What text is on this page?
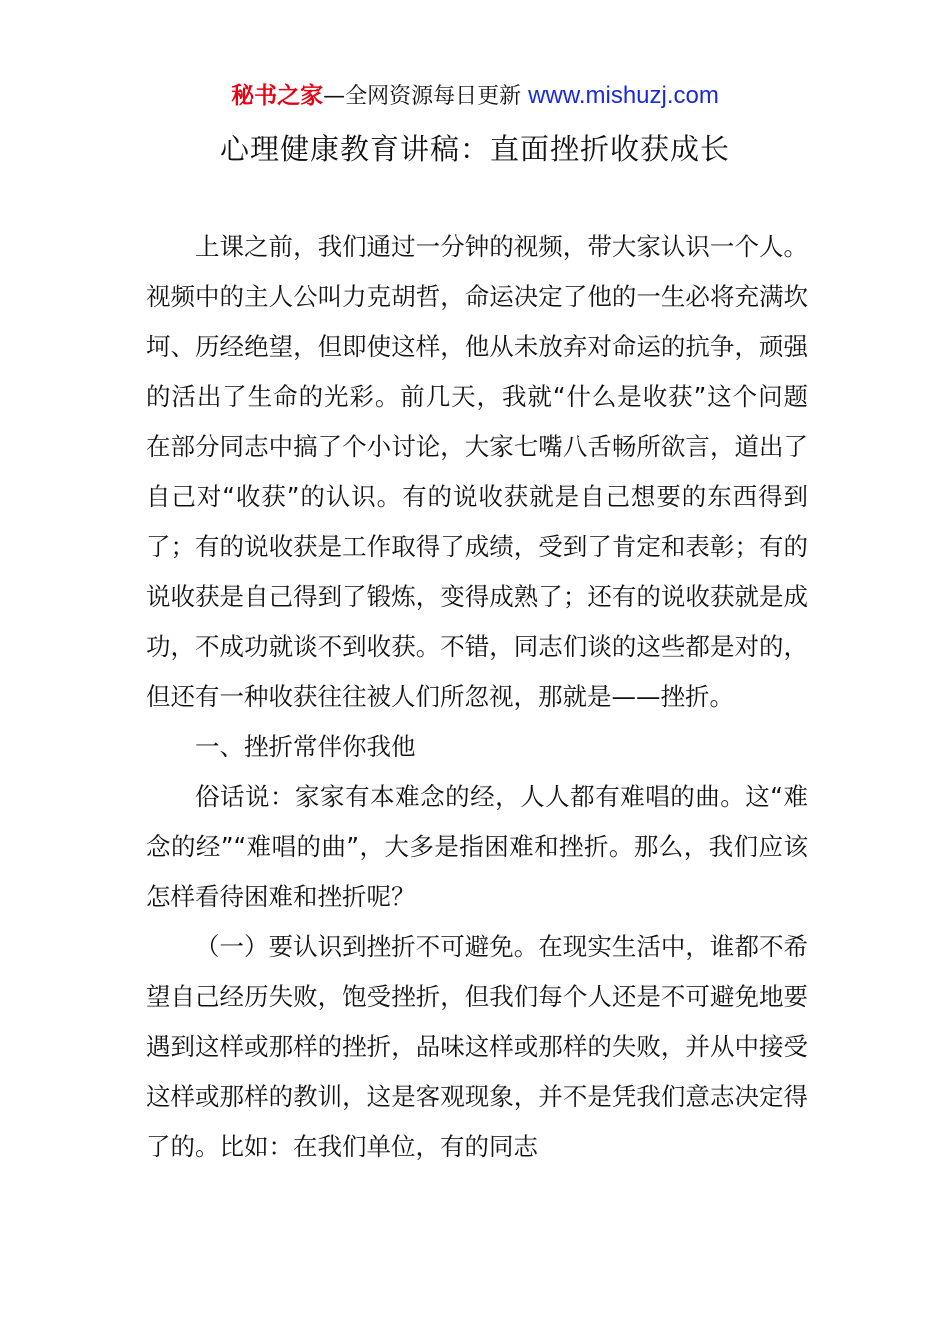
秘书之家—全网资源每日更新 www.mishuzj.com
心理健康教育讲稿：直面挫折收获成长

上课之前，我们通过一分钟的视频，带大家认识一个人。视频中的主人公叫力克胡哲，命运决定了他的一生必将充满坎坷、历经绝望，但即使这样，他从未放弃对命运的抗争，顽强的活出了生命的光彩。前几天，我就“什么是收获”这个问题在部分同志中搞了个小讨论，大家七嘴八舌畅所欲言，道出了自己对“收获”的认识。有的说收获就是自己想要的东西得到了；有的说收获是工作取得了成绩，受到了肯定和表彰；有的说收获是自己得到了锻炼，变得成熟了；还有的说收获就是成功，不成功就谈不到收获。不错，同志们谈的这些都是对的，但还有一种收获往往被人们所忽视，那就是——挫折。

一、挫折常伴你我他

俗话说：家家有本难念的经，人人都有难唱的曲。这“难念的经”“难唱的曲”，大多是指困难和挫折。那么，我们应该怎样看待困难和挫折呢？

（一）要认识到挫折不可避免。在现实生活中，谁都不希望自己经历失败，饱受挫折，但我们每个人还是不可避免地要遇到这样或那样的挫折，品味这样或那样的失败，并从中接受这样或那样的教训，这是客观现象，并不是凭我们意志决定得了的。比如：在我们单位，有的同志
